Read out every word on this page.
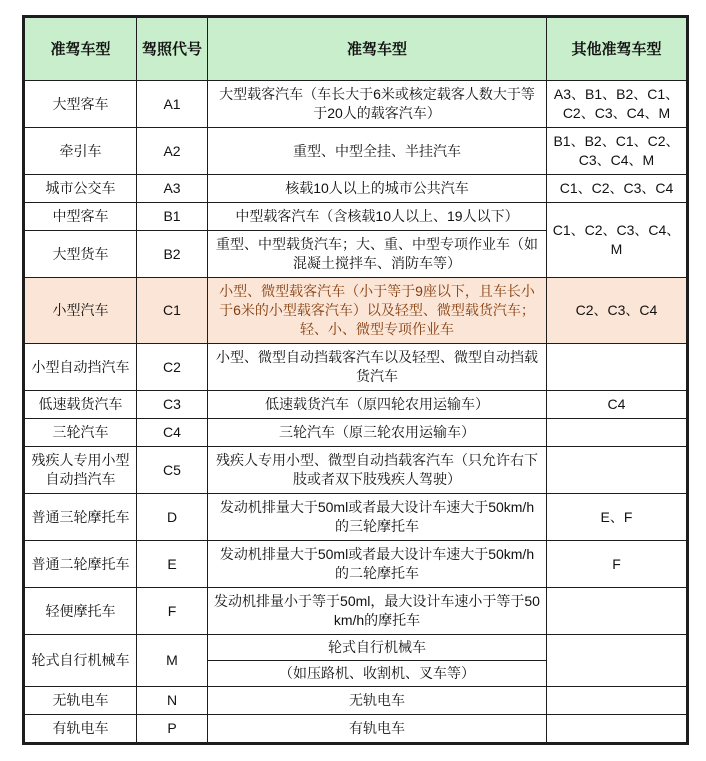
准驾车型	驾照代号	准驾车型	其他准驾车型
大型客车	A1	大型载客汽车（车长大于6米或核定载客人数大于等于20人的载客汽车）	A3、B1、B2、C1、C2、C3、C4、M
牵引车	A2	重型、中型全挂、半挂汽车	B1、B2、C1、C2、C3、C4、M
城市公交车	A3	核载10人以上的城市公共汽车	C1、C2、C3、C4
中型客车	B1	中型载客汽车（含核载10人以上、19人以下）	C1、C2、C3、C4、M
大型货车	B2	重型、中型载货汽车；大、重、中型专项作业车（如混凝土搅拌车、消防车等）	
小型汽车	C1	小型、微型载客汽车（小于等于9座以下，且车长小于6米的小型载客汽车）以及轻型、微型载货汽车；轻、小、微型专项作业车	C2、C3、C4
小型自动挡汽车	C2	小型、微型自动挡载客汽车以及轻型、微型自动挡载货汽车	
低速载货汽车	C3	低速载货汽车（原四轮农用运输车）	C4
三轮汽车	C4	三轮汽车（原三轮农用运输车）	
残疾人专用小型自动挡汽车	C5	残疾人专用小型、微型自动挡载客汽车（只允许右下肢或者双下肢残疾人驾驶）	
普通三轮摩托车	D	发动机排量大于50ml或者最大设计车速大于50km/h的三轮摩托车	E、F
普通二轮摩托车	E	发动机排量大于50ml或者最大设计车速大于50km/h的二轮摩托车	F
轻便摩托车	F	发动机排量小于等于50ml，最大设计车速小于等于50km/h的摩托车	
轮式自行机械车	M	轮式自行机械车
（如压路机、收割机、叉车等）	

无轨电车	N	无轨电车	
有轨电车	P	有轨电车	
